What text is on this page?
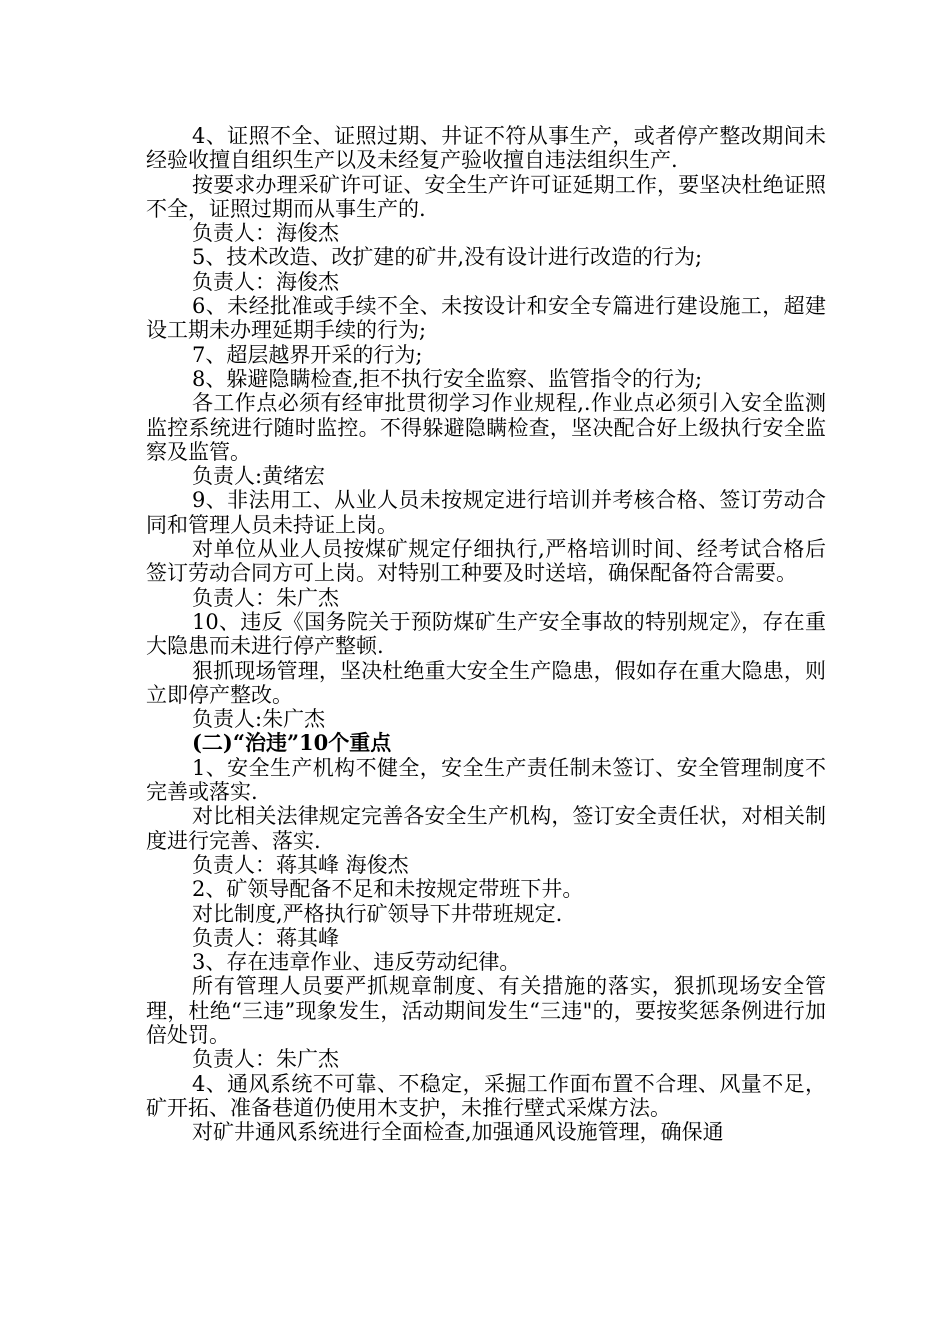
4、证照不全、证照过期、井证不符从事生产，或者停产整改期间未经验收擅自组织生产以及未经复产验收擅自违法组织生产.

按要求办理采矿许可证、安全生产许可证延期工作，要坚决杜绝证照不全，证照过期而从事生产的.

负责人：海俊杰

5、技术改造、改扩建的矿井,没有设计进行改造的行为;

负责人：海俊杰

6、未经批准或手续不全、未按设计和安全专篇进行建设施工，超建设工期未办理延期手续的行为;

7、超层越界开采的行为;

8、躲避隐瞒检查,拒不执行安全监察、监管指令的行为;

各工作点必须有经审批贯彻学习作业规程,.作业点必须引入安全监测监控系统进行随时监控。不得躲避隐瞒检查，坚决配合好上级执行安全监察及监管。

负责人:黄绪宏

9、非法用工、从业人员未按规定进行培训并考核合格、签订劳动合同和管理人员未持证上岗。

对单位从业人员按煤矿规定仔细执行,严格培训时间、经考试合格后签订劳动合同方可上岗。对特别工种要及时送培，确保配备符合需要。

负责人：朱广杰

10、违反《国务院关于预防煤矿生产安全事故的特别规定》，存在重大隐患而未进行停产整顿.

狠抓现场管理，坚决杜绝重大安全生产隐患，假如存在重大隐患，则立即停产整改。

负责人:朱广杰

(二)“治违”10个重点

1、安全生产机构不健全，安全生产责任制未签订、安全管理制度不完善或落实.

对比相关法律规定完善各安全生产机构，签订安全责任状，对相关制度进行完善、落实.

负责人：蒋其峰 海俊杰

2、矿领导配备不足和未按规定带班下井。

对比制度,严格执行矿领导下井带班规定.

负责人：蒋其峰

3、存在违章作业、违反劳动纪律。

所有管理人员要严抓规章制度、有关措施的落实，狠抓现场安全管理，杜绝“三违”现象发生，活动期间发生“三违"的，要按奖惩条例进行加倍处罚。

负责人：朱广杰

4、通风系统不可靠、不稳定，采掘工作面布置不合理、风量不足，矿开拓、准备巷道仍使用木支护，未推行壁式采煤方法。

对矿井通风系统进行全面检查,加强通风设施管理，确保通
